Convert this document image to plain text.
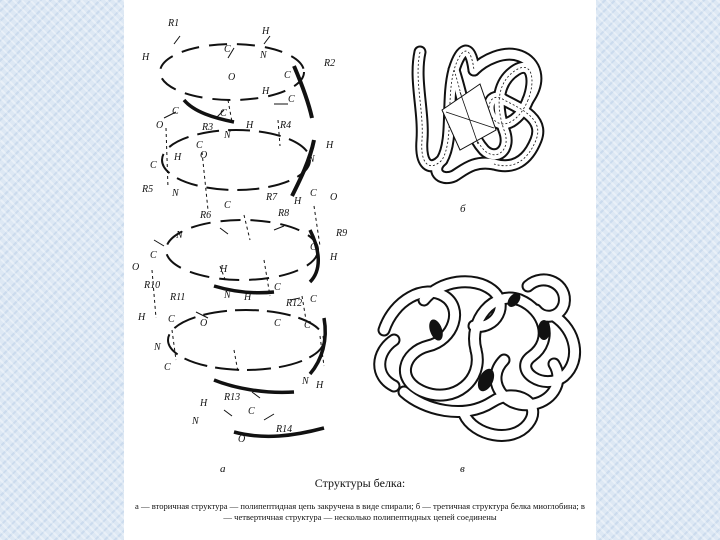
R1
H
H
C
N
C
R2
O
H
C
O
C
R3
C
N
H	R4
R5
N
H
C
C
H O
N
R6
H
C
R7
C
R8
N
C
H
O
O
R9
C
H
R10
R11
C
R12
H
N	C
H C	C
O	C
N
R13
H
N
R14
O
C
N H
C
а
б
в
Структуры белка:
а — вторичная структура — полипептидная цепь закручена в виде спирали; б — третичная структура белка миоглобина; в — четвертичная структура — несколько полипептидных цепей соединены
